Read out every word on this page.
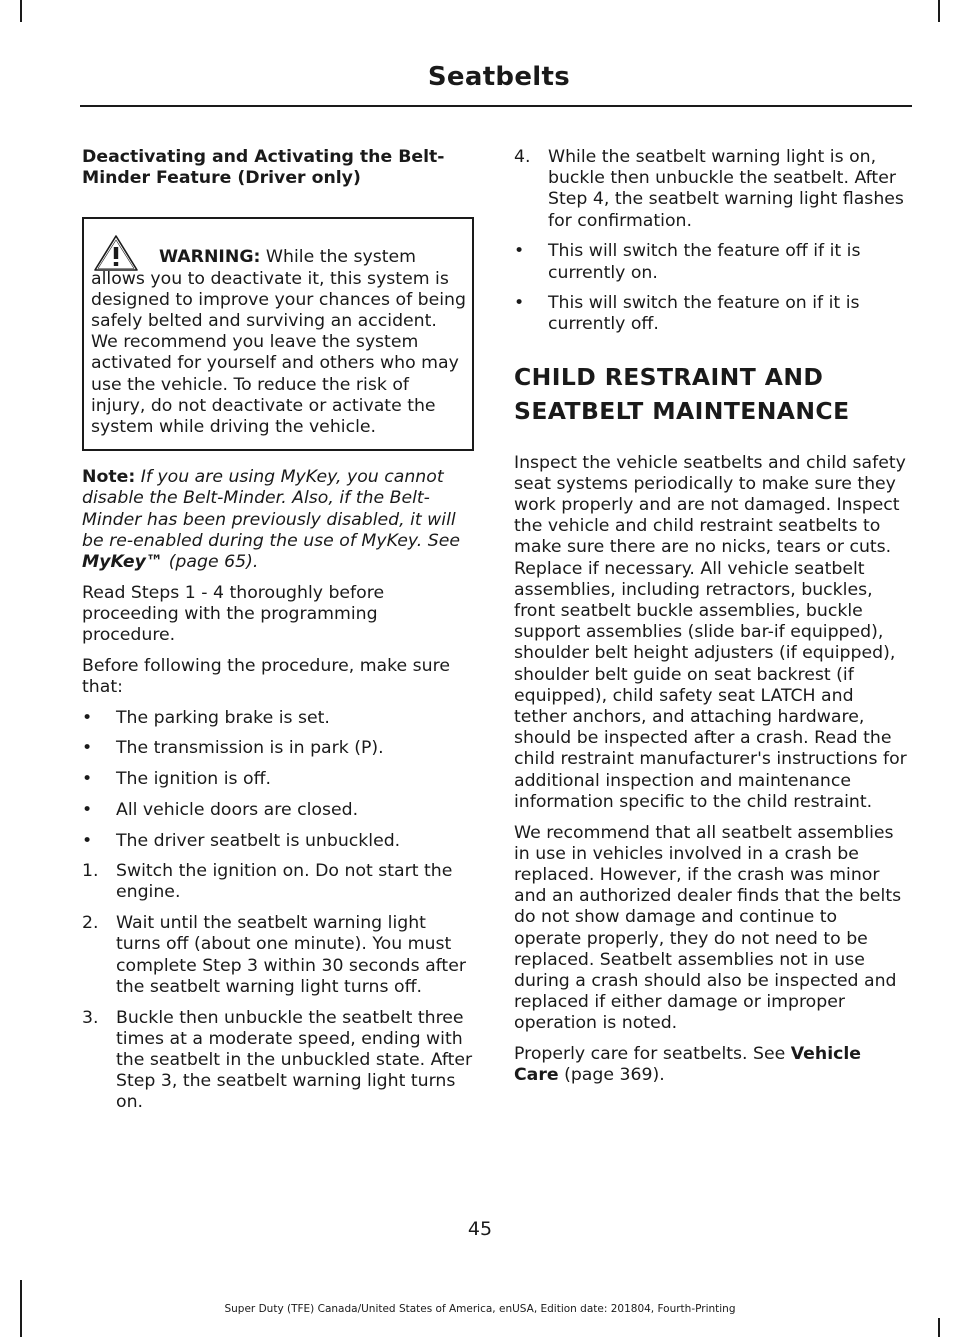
Seatbelts
Deactivating and Activating the Belt-Minder Feature (Driver only)
WARNING: While the system allows you to deactivate it, this system is designed to improve your chances of being safely belted and surviving an accident. We recommend you leave the system activated for yourself and others who may use the vehicle. To reduce the risk of injury, do not deactivate or activate the system while driving the vehicle.
Note: If you are using MyKey, you cannot disable the Belt-Minder. Also, if the Belt-Minder has been previously disabled, it will be re-enabled during the use of MyKey. See MyKey™ (page 65).
Read Steps 1 - 4 thoroughly before proceeding with the programming procedure.
Before following the procedure, make sure that:
• The parking brake is set.
• The transmission is in park (P).
• The ignition is off.
• All vehicle doors are closed.
• The driver seatbelt is unbuckled.
1. Switch the ignition on. Do not start the engine.
2. Wait until the seatbelt warning light turns off (about one minute). You must complete Step 3 within 30 seconds after the seatbelt warning light turns off.
3. Buckle then unbuckle the seatbelt three times at a moderate speed, ending with the seatbelt in the unbuckled state. After Step 3, the seatbelt warning light turns on.
4. While the seatbelt warning light is on, buckle then unbuckle the seatbelt. After Step 4, the seatbelt warning light flashes for confirmation.
• This will switch the feature off if it is currently on.
• This will switch the feature on if it is currently off.
CHILD RESTRAINT AND
SEATBELT MAINTENANCE
Inspect the vehicle seatbelts and child safety seat systems periodically to make sure they work properly and are not damaged. Inspect the vehicle and child restraint seatbelts to make sure there are no nicks, tears or cuts. Replace if necessary. All vehicle seatbelt assemblies, including retractors, buckles, front seatbelt buckle assemblies, buckle support assemblies (slide bar-if equipped), shoulder belt height adjusters (if equipped), shoulder belt guide on seat backrest (if equipped), child safety seat LATCH and tether anchors, and attaching hardware, should be inspected after a crash. Read the child restraint manufacturer's instructions for additional inspection and maintenance information specific to the child restraint.
We recommend that all seatbelt assemblies in use in vehicles involved in a crash be replaced. However, if the crash was minor and an authorized dealer finds that the belts do not show damage and continue to operate properly, they do not need to be replaced. Seatbelt assemblies not in use during a crash should also be inspected and replaced if either damage or improper operation is noted.
Properly care for seatbelts. See Vehicle Care (page 369).
45
Super Duty (TFE) Canada/United States of America, enUSA, Edition date: 201804, Fourth-Printing
